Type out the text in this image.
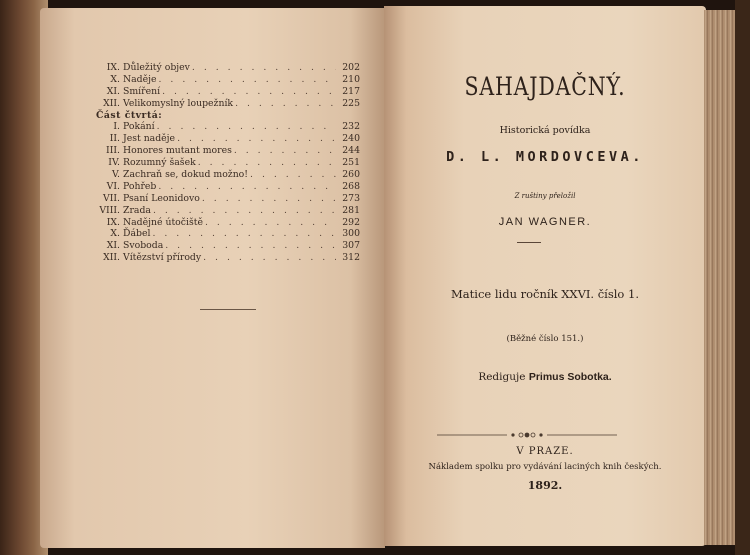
IX. Důležitý objev . . .	202
X. Naděje . . .	210
XI. Smíření . . .	217
XII. Velikomyslný loupežník . . .	225
Část čtvrtá:
I. Pokání . . .	232
II. Jest naděje . . .	240
III. Honores mutant mores . . .	244
IV. Rozumný šašek . . .	251
V. Zachraň se, dokud možno! . . .	260
VI. Pohřeb . . .	268
VII. Psaní Leonidovo . . .	273
VIII. Zrada . . .	281
IX. Nadějné útočiště . . .	292
X. Ďábel . . .	300
XI. Svoboda . . .	307
XII. Vítězství přírody . . .	312
SAHAJDAČNÝ.
Historická povídka
D. L. MORDOVCEVA.
Z ruštiny přeložil
JAN WAGNER.
Matice lidu ročník XXVI. číslo 1.
(Běžné číslo 151.)
Rediguje Primus Sobotka.
V PRAZE.
Nákladem spolku pro vydávání laciných knih českých.
1892.
